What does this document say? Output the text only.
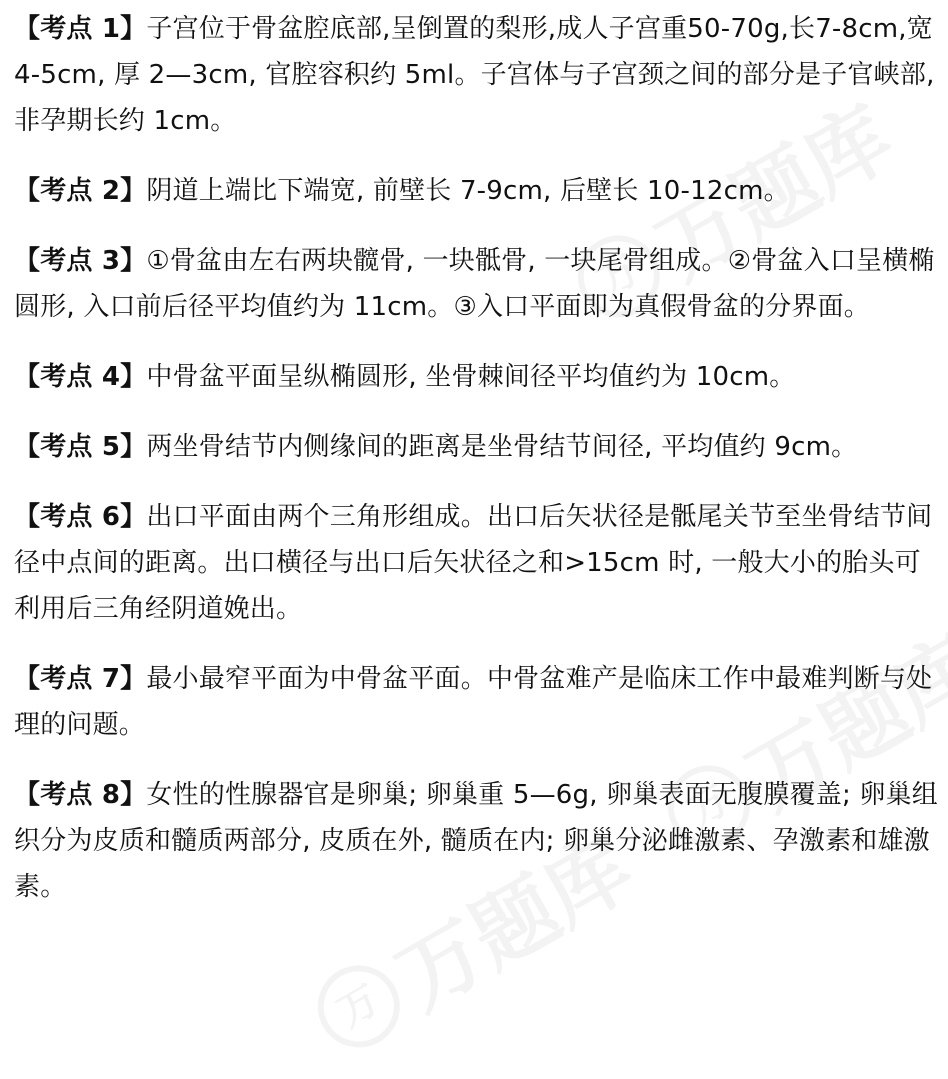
【考点 1】子宫位于骨盆腔底部,呈倒置的梨形,成人子宫重50-70g,长7-8cm,宽 4-5cm, 厚 2—3cm, 官腔容积约 5ml。子宫体与子宫颈之间的部分是子官峡部, 非孕期长约 1cm。

【考点 2】阴道上端比下端宽, 前壁长 7-9cm, 后壁长 10-12cm。

【考点 3】①骨盆由左右两块髋骨, 一块骶骨, 一块尾骨组成。②骨盆入口呈横椭圆形, 入口前后径平均值约为 11cm。③入口平面即为真假骨盆的分界面。

【考点 4】中骨盆平面呈纵椭圆形, 坐骨棘间径平均值约为 10cm。

【考点 5】两坐骨结节内侧缘间的距离是坐骨结节间径, 平均值约 9cm。

【考点 6】出口平面由两个三角形组成。出口后矢状径是骶尾关节至坐骨结节间径中点间的距离。出口横径与出口后矢状径之和>15cm 时, 一般大小的胎头可利用后三角经阴道娩出。

【考点 7】最小最窄平面为中骨盆平面。中骨盆难产是临床工作中最难判断与处理的问题。

【考点 8】女性的性腺器官是卵巢; 卵巢重 5—6g, 卵巢表面无腹膜覆盖; 卵巢组织分为皮质和髓质两部分, 皮质在外, 髓质在内; 卵巢分泌雌激素、孕激素和雄激素。
